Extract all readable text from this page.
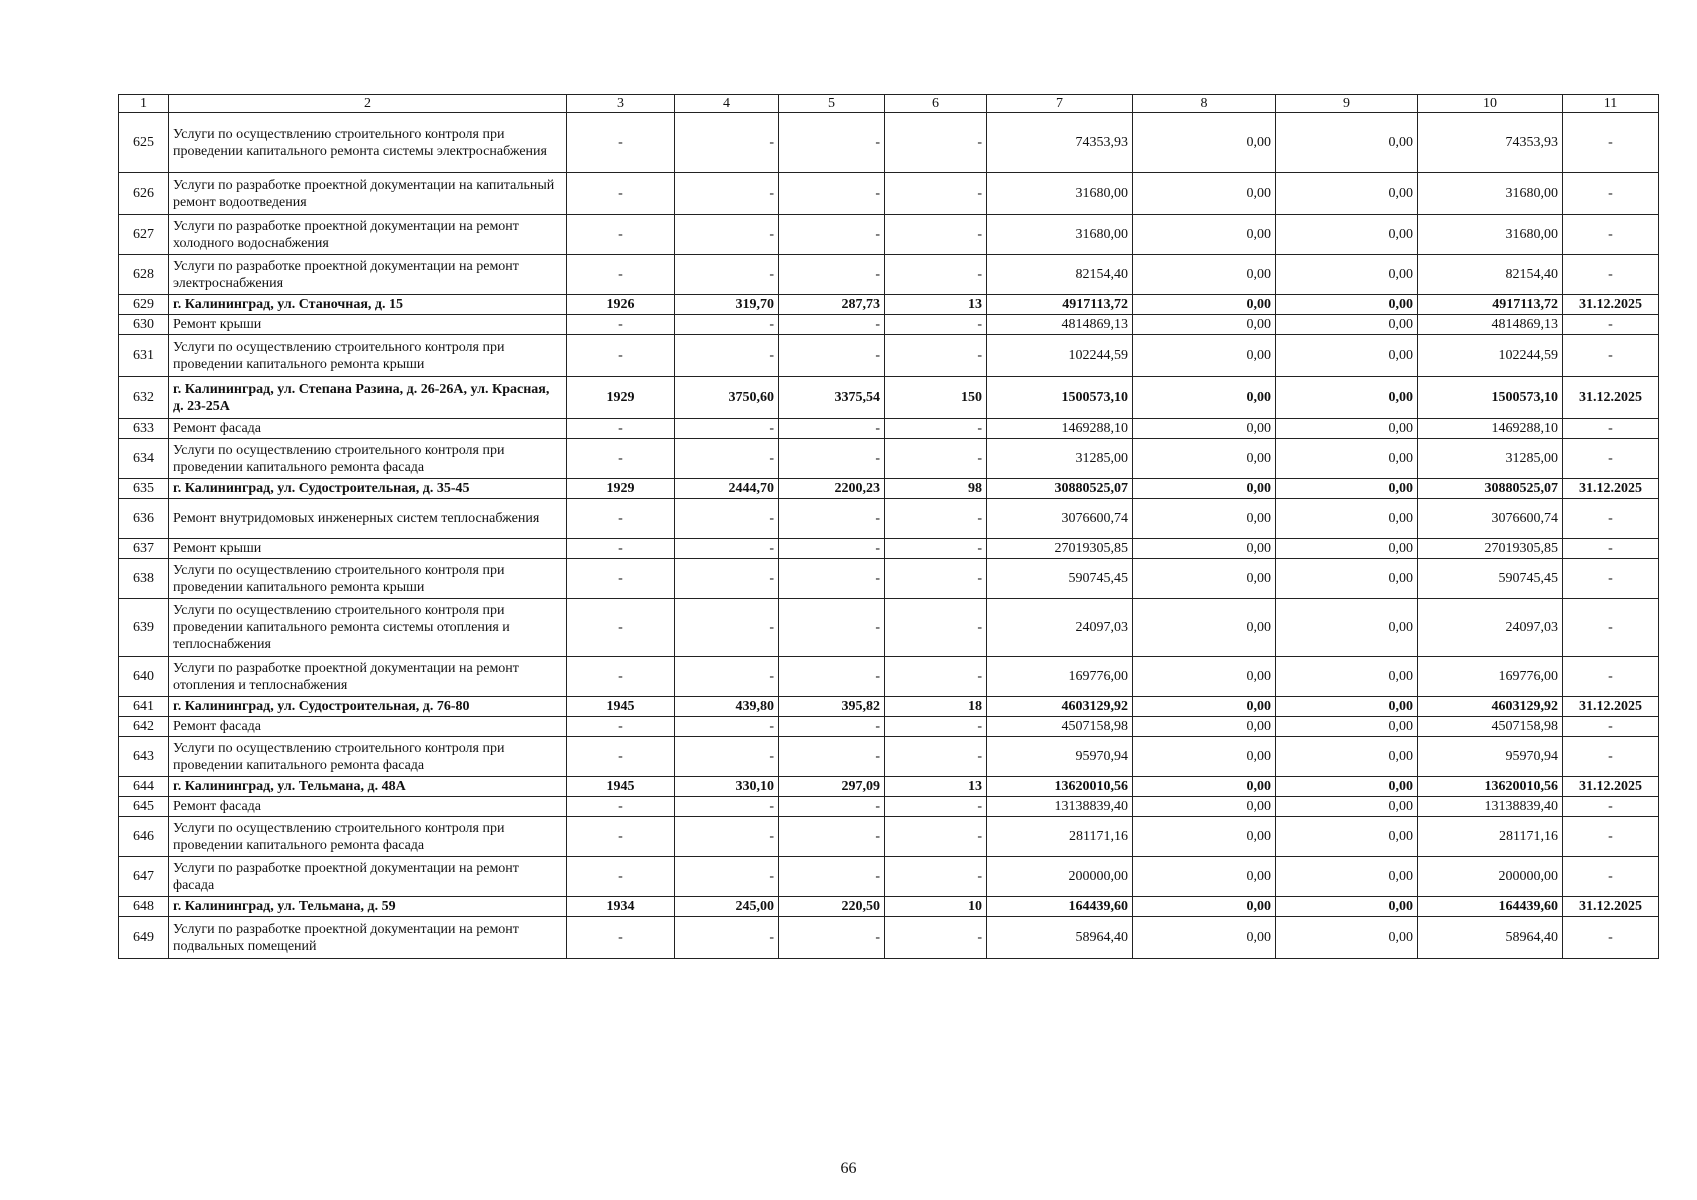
1	2	3	4	5	6	7	8	9	10	11
625	Услуги по осуществлению строительного контроля при проведении капитального ремонта системы электроснабжения	-	-	-	-	74353,93	0,00	0,00	74353,93	-
626	Услуги по разработке проектной документации на капитальный ремонт водоотведения	-	-	-	-	31680,00	0,00	0,00	31680,00	-
627	Услуги по разработке проектной документации на ремонт холодного водоснабжения	-	-	-	-	31680,00	0,00	0,00	31680,00	-
628	Услуги по разработке проектной документации на ремонт электроснабжения	-	-	-	-	82154,40	0,00	0,00	82154,40	-
629	г. Калининград, ул. Станочная, д. 15	1926	319,70	287,73	13	4917113,72	0,00	0,00	4917113,72	31.12.2025
630	Ремонт крыши	-	-	-	-	4814869,13	0,00	0,00	4814869,13	-
631	Услуги по осуществлению строительного контроля при проведении капитального ремонта крыши	-	-	-	-	102244,59	0,00	0,00	102244,59	-
632	г. Калининград, ул. Степана Разина, д. 26-26А, ул. Красная, д. 23-25А	1929	3750,60	3375,54	150	1500573,10	0,00	0,00	1500573,10	31.12.2025
633	Ремонт фасада	-	-	-	-	1469288,10	0,00	0,00	1469288,10	-
634	Услуги по осуществлению строительного контроля при проведении капитального ремонта фасада	-	-	-	-	31285,00	0,00	0,00	31285,00	-
635	г. Калининград, ул. Судостроительная, д. 35-45	1929	2444,70	2200,23	98	30880525,07	0,00	0,00	30880525,07	31.12.2025
636	Ремонт внутридомовых инженерных систем теплоснабжения	-	-	-	-	3076600,74	0,00	0,00	3076600,74	-
637	Ремонт крыши	-	-	-	-	27019305,85	0,00	0,00	27019305,85	-
638	Услуги по осуществлению строительного контроля при проведении капитального ремонта крыши	-	-	-	-	590745,45	0,00	0,00	590745,45	-
639	Услуги по осуществлению строительного контроля при проведении капитального ремонта системы отопления и теплоснабжения	-	-	-	-	24097,03	0,00	0,00	24097,03	-
640	Услуги по разработке проектной документации на ремонт отопления и теплоснабжения	-	-	-	-	169776,00	0,00	0,00	169776,00	-
641	г. Калининград, ул. Судостроительная, д. 76-80	1945	439,80	395,82	18	4603129,92	0,00	0,00	4603129,92	31.12.2025
642	Ремонт фасада	-	-	-	-	4507158,98	0,00	0,00	4507158,98	-
643	Услуги по осуществлению строительного контроля при проведении капитального ремонта фасада	-	-	-	-	95970,94	0,00	0,00	95970,94	-
644	г. Калининград, ул. Тельмана, д. 48А	1945	330,10	297,09	13	13620010,56	0,00	0,00	13620010,56	31.12.2025
645	Ремонт фасада	-	-	-	-	13138839,40	0,00	0,00	13138839,40	-
646	Услуги по осуществлению строительного контроля при проведении капитального ремонта фасада	-	-	-	-	281171,16	0,00	0,00	281171,16	-
647	Услуги по разработке проектной документации на ремонт фасада	-	-	-	-	200000,00	0,00	0,00	200000,00	-
648	г. Калининград, ул. Тельмана, д. 59	1934	245,00	220,50	10	164439,60	0,00	0,00	164439,60	31.12.2025
649	Услуги по разработке проектной документации на ремонт подвальных помещений	-	-	-	-	58964,40	0,00	0,00	58964,40	-
66
